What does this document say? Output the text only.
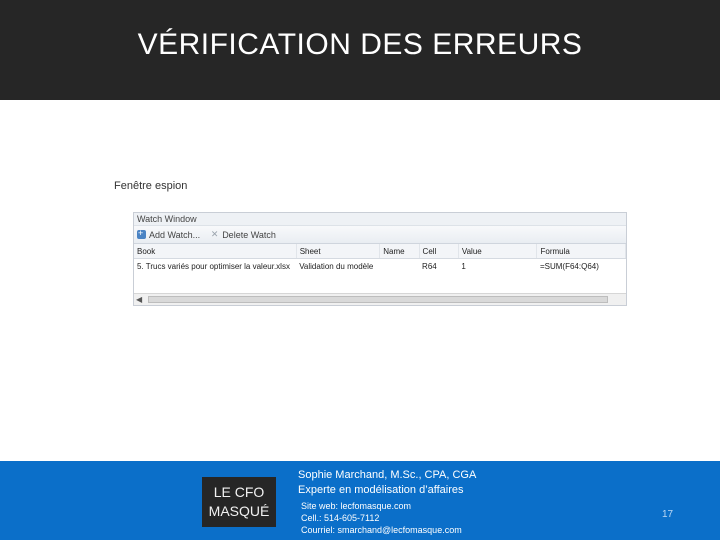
VÉRIFICATION DES ERREURS
Fenêtre espion
Watch Window
+
Add Watch... ✕ Delete Watch
Book	Sheet	Name	Cell	Value	Formula
5. Trucs variés pour optimiser la valeur.xlsx	Validation du modèle		R64	1	=SUM(F64:Q64)
◀
LE CFO
MASQUÉ
Sophie Marchand, M.Sc., CPA, CGA
Experte en modélisation d’affaires
Site web: lecfomasque.com
Cell.: 514-605-7112
Courriel: smarchand@lecfomasque.com
17
